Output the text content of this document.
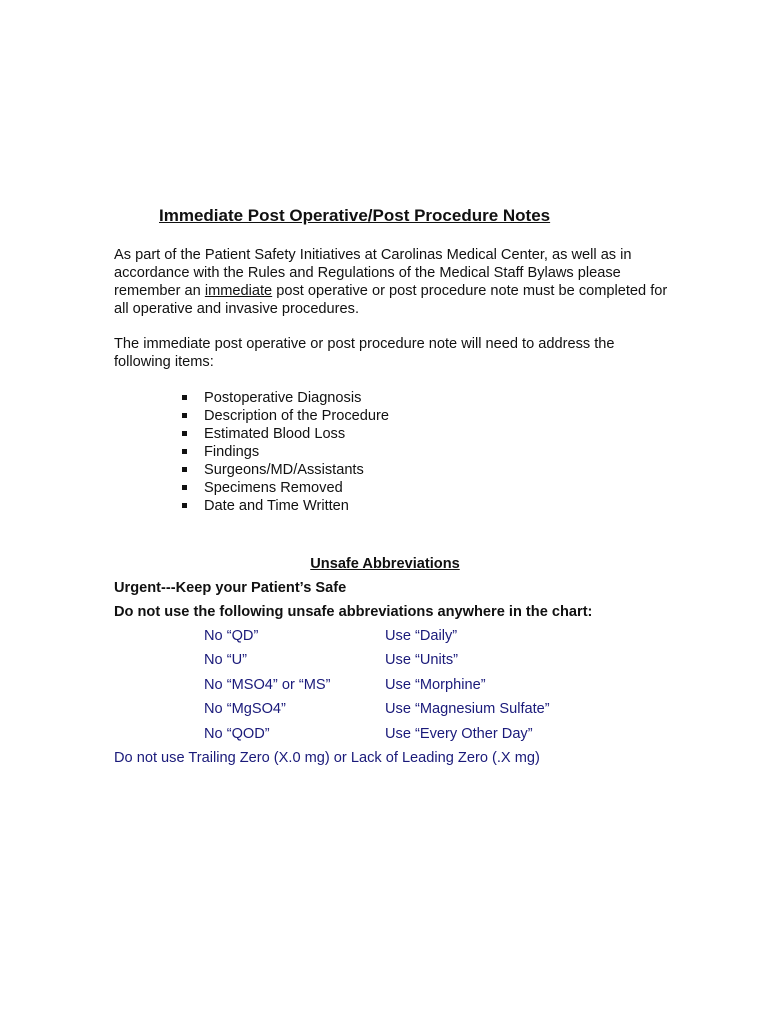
Immediate Post Operative/Post Procedure Notes
As part of the Patient Safety Initiatives at Carolinas Medical Center, as well as in accordance with the Rules and Regulations of the Medical Staff Bylaws please remember an immediate post operative or post procedure note must be completed for all operative and invasive procedures.
The immediate post operative or post procedure note will need to address the following items:
Postoperative Diagnosis
Description of the Procedure
Estimated Blood Loss
Findings
Surgeons/MD/Assistants
Specimens Removed
Date and Time Written
Unsafe Abbreviations
Urgent---Keep your Patient’s Safe
Do not use the following unsafe abbreviations anywhere in the chart:
No “QD”	Use “Daily”
No “U”	Use “Units”
No “MSO4” or “MS”	Use “Morphine”
No “MgSO4”	Use “Magnesium Sulfate”
No “QOD”	Use “Every Other Day”
Do not use Trailing Zero (X.0 mg) or Lack of Leading Zero (.X mg)
